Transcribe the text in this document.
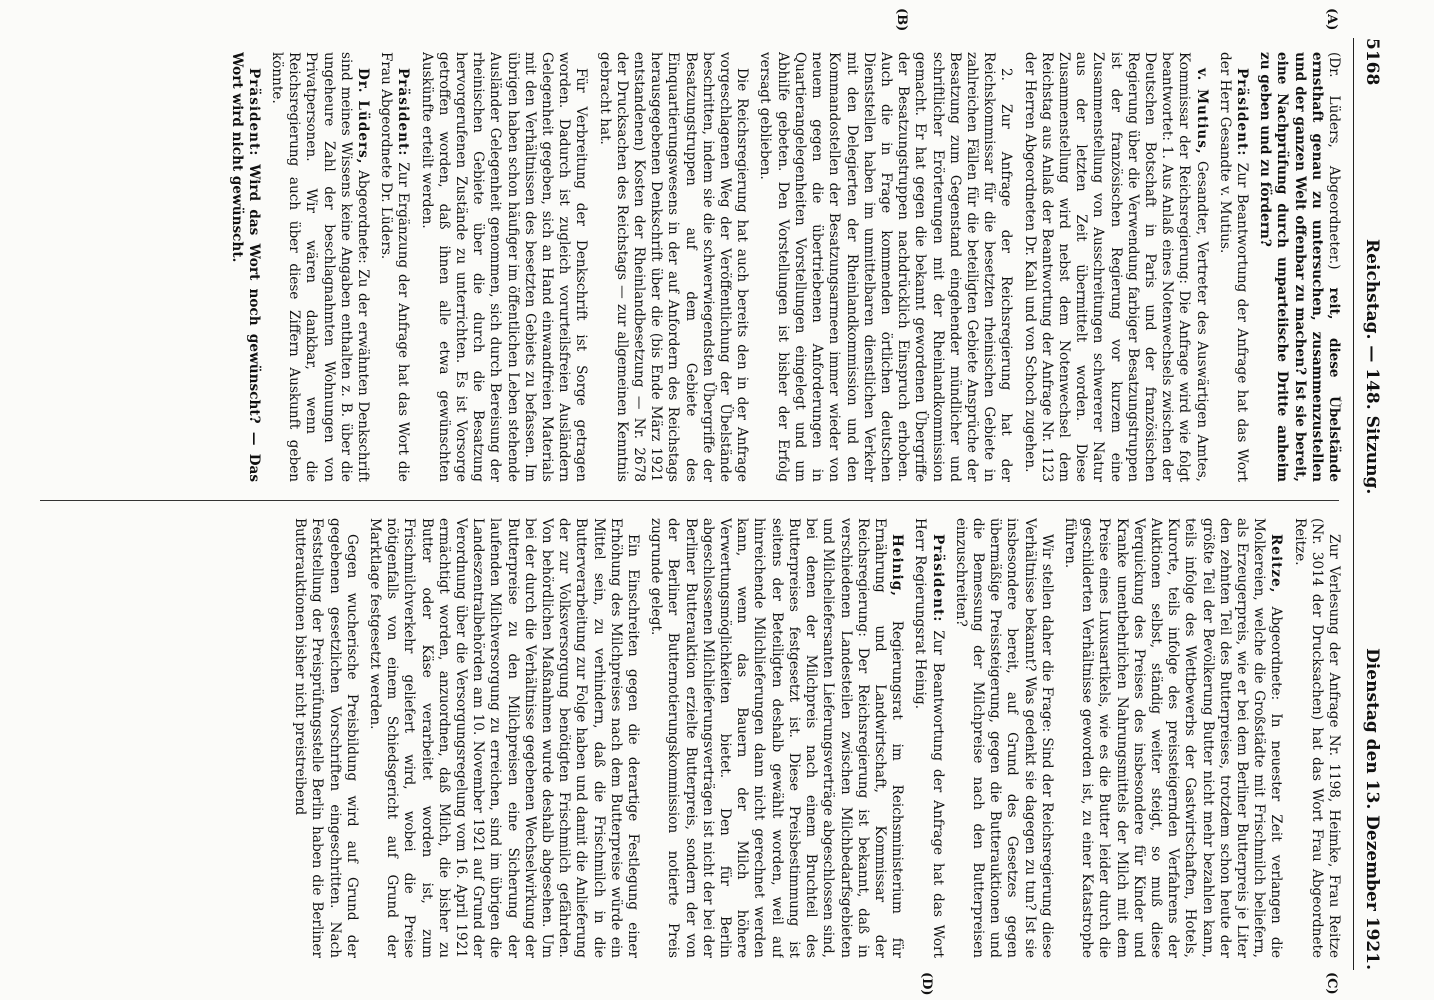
5168
Reichstag. — 148. Sitzung.
Dienstag den 13. Dezember 1921.
(A)
(B)
(C)
(D)

(Dr. Lüders, Abgeordneter.) reit, diese Übelstände ernsthaft genau zu untersuchen, zusammenzustellen und der ganzen Welt offenbar zu machen? Ist sie bereit, eine Nachprüfung durch unparteiische Dritte anheim zu geben und zu fördern?

Präsident: Zur Beantwortung der Anfrage hat das Wort der Herr Gesandte v. Mutius.

v. Mutius, Gesandter, Vertreter des Auswärtigen Amtes, Kommissar der Reichsregierung: Die Anfrage wird wie folgt beantwortet: 1. Aus Anlaß eines Notenwechsels zwischen der Deutschen Botschaft in Paris und der französischen Regierung über die Verwendung farbiger Besatzungstruppen ist der französischen Regierung vor kurzem eine Zusammenstellung von Ausschreitungen schwererer Natur aus der letzten Zeit übermittelt worden. Diese Zusammenstellung wird nebst dem Notenwechsel dem Reichstag aus Anlaß der Beantwortung der Anfrage Nr. 1123 der Herren Abgeordneten Dr. Kahl und von Schoch zugehen.

2. Zur Anfrage der Reichsregierung hat der Reichskommissar für die besetzten rheinischen Gebiete in zahlreichen Fällen für die beteiligten Gebiete Ansprüche der Besatzung zum Gegenstand eingehender mündlicher und schriftlicher Erörterungen mit der Rheinlandkommission gemacht. Er hat gegen die bekannt gewordenen Übergriffe der Besatzungstruppen nachdrücklich Einspruch erhoben. Auch die in Frage kommenden örtlichen deutschen Dienststellen haben im unmittelbaren dienstlichen Verkehr mit den Delegierten der Rheinlandkommission und den Kommandostellen der Besatzungsarmeen immer wieder von neuem gegen die übertriebenen Anforderungen in Quartierangelegenheiten Vorstellungen eingelegt und um Abhilfe gebeten. Den Vorstellungen ist bisher der Erfolg versagt geblieben.

Die Reichsregierung hat auch bereits den in der Anfrage vorgeschlagenen Weg der Veröffentlichung der Übelstände beschritten, indem sie die schwerwiegendsten Übergriffe der Besatzungstruppen auf dem Gebiete des Einquartierungswesens in der auf Anfordern des Reichstags herausgegebenen Denkschrift über die (bis Ende März 1921 entstandenen) Kosten der Rheinlandbesetzung — Nr. 2678 der Drucksachen des Reichstags — zur allgemeinen Kenntnis gebracht hat.

Für Verbreitung der Denkschrift ist Sorge getragen worden. Dadurch ist zugleich vorurteilsfreien Ausländern Gelegenheit gegeben, sich an Hand einwandfreien Materials mit den Verhältnissen des besetzten Gebiets zu befassen. Im übrigen haben schon häufiger im öffentlichen Leben stehende Ausländer Gelegenheit genommen, sich durch Bereisung der rheinischen Gebiete über die durch die Besatzung hervorgerufenen Zustände zu unterrichten. Es ist Vorsorge getroffen worden, daß ihnen alle etwa gewünschten Auskünfte erteilt werden.

Präsident: Zur Ergänzung der Anfrage hat das Wort die Frau Abgeordnete Dr. Lüders.

Dr. Lüders, Abgeordnete: Zu der erwähnten Denkschrift sind meines Wissens keine Angaben enthalten z. B. über die ungeheure Zahl der beschlagnahmten Wohnungen von Privatpersonen. Wir wären dankbar, wenn die Reichsregierung auch über diese Ziffern Auskunft geben könnte.

Präsident: Wird das Wort noch gewünscht? — Das Wort wird nicht gewünscht.

Zur Verlesung der Anfrage Nr. 1198, Heimke, Frau Reitze (Nr. 3014 der Drucksachen) hat das Wort Frau Abgeordnete Reitze.

Reitze, Abgeordnete: In neuester Zeit verlangen die Molkereien, welche die Großstädte mit Frischmilch beliefern, als Erzeugerpreis, wie er bei dem Berliner Butterpreis je Liter den zehnten Teil des Butterpreises, trotzdem schon heute der größte Teil der Bevölkerung Butter nicht mehr bezahlen kann, teils infolge des Wettbewerbs der Gastwirtschaften, Hotels, Kurorte, teils infolge des preissteigernden Verfahrens der Auktionen selbst, ständig weiter steigt, so muß diese Verquickung des Preises des insbesondere für Kinder und Kranke unentbehrlichen Nahrungsmittels der Milch mit dem Preise eines Luxusartikels, wie es die Butter leider durch die geschilderten Verhältnisse geworden ist, zu einer Katastrophe führen.

Wir stellen daher die Frage: Sind der Reichsregierung diese Verhältnisse bekannt? Was gedenkt sie dagegen zu tun? Ist sie insbesondere bereit, auf Grund des Gesetzes gegen übermäßige Preissteigerung, gegen die Butterauktionen und die Bemessung der Milchpreise nach den Butterpreisen einzuschreiten?

Präsident: Zur Beantwortung der Anfrage hat das Wort Herr Regierungsrat Heinig.

Heinig, Regierungsrat im Reichsministerium für Ernährung und Landwirtschaft, Kommissar der Reichsregierung: Der Reichsregierung ist bekannt, daß in verschiedenen Landesteilen zwischen Milchbedarfsgebieten und Milcheliefersanten Lieferungsverträge abgeschlossen sind, bei denen der Milchpreis nach einem Bruchteil des Butterpreises festgesetzt ist. Diese Preisbestimmung ist seitens der Beteiligten deshalb gewählt worden, weil auf hinreichende Milchlieferungen dann nicht gerechnet werden kann, wenn das Bauern der Milch höhere Verwertungsmöglichkeiten bietet. Den für Berlin abgeschlossenen Milchlieferungsverträgen ist nicht der bei der Berliner Butterauktion erzielte Butterpreis, sondern der von der Berliner Butternotierungskommission notierte Preis zugrunde gelegt.

Ein Einschreiten gegen die derartige Festlegung einer Erhöhung des Milchpreises nach dem Butterpreise würde ein Mittel sein, zu verhindern, daß die Frischmilch in die Butterverarbeitung zur Folge haben und damit die Anlieferung der zur Volksversorgung benötigten Frischmilch gefährden. Von behördlichen Maßnahmen wurde deshalb abgesehen. Um bei der durch die Verhältnisse gegebenen Wechselwirkung der Butterpreise zu den Milchpreisen eine Sicherung der laufenden Milchversorgung zu erreichen, sind im übrigen die Landeszentralbehörden am 10. November 1921 auf Grund der Verordnung über die Versorgungsregelung vom 16. April 1921 ermächtigt worden, anzuordnen, daß Milch, die bisher zu Butter oder Käse verarbeitet worden ist, zum Frischmilchverkehr geliefert wird, wobei die Preise nötigenfalls von einem Schiedsgericht auf Grund der Marktlage festgesetzt werden.

Gegen wucherische Preisbildung wird auf Grund der gegebenen gesetzlichen Vorschriften eingeschritten. Nach Feststellung der Preisprüfungsstelle Berlin haben die Berliner Butterauktionen bisher nicht preistreibend
